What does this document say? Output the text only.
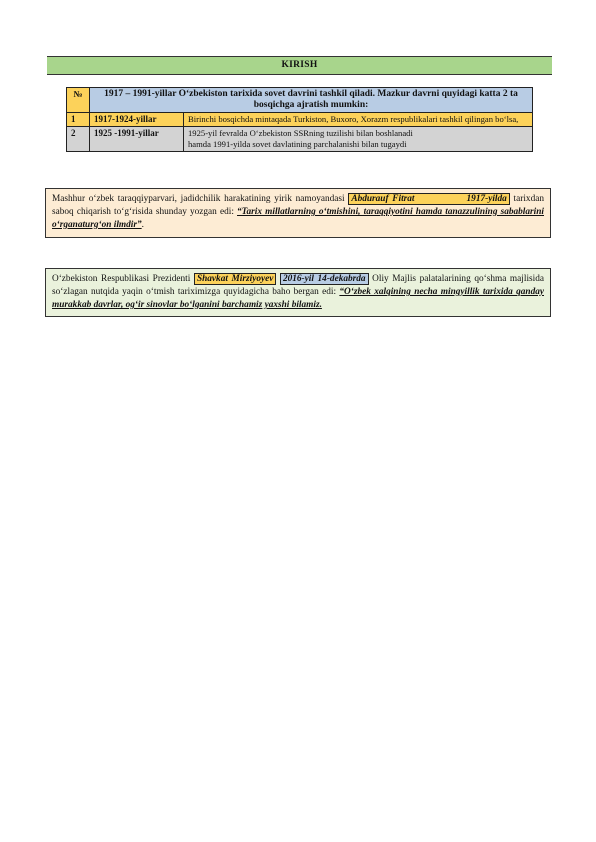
KIRISH
№	1917 – 1991-yillar O‘zbekiston tarixida sovet davrini tashkil qiladi. Mazkur davrni quyidagi katta 2 ta bosqichga ajratish mumkin:	
1	1917-1924-yillar	Birinchi bosqichda mintaqada Turkiston, Buxoro, Xorazm respublikalari tashkil qilingan bo‘lsa,
2	1925 -1991-yillar	1925-yil fevralda O‘zbekiston SSRning tuzilishi bilan boshlanadi
hamda 1991-yilda sovet davlatining parchalanishi bilan tugaydi
Mashhur o‘zbek taraqqiyparvari, jadidchilik harakatining yirik namoyandasi Abdurauf Fitrat	1917-yilda tarixdan saboq chiqarish to‘g‘risida shunday yozgan edi: “Tarix millatlarning o‘tmishini, taraqqiyotini hamda tanazzulining sabablarini o‘rganaturg‘on ilmdir”.
O‘zbekiston Respublikasi Prezidenti Shavkat Mirziyoyev 2016-yil 14-dekabrda Oliy Majlis palatalarining qo‘shma majlisida so‘zlagan nutqida yaqin o‘tmish tariximizga quyidagicha baho bergan edi: “O‘zbek xalqining necha mingyillik tarixida qanday murakkab davrlar, og‘ir sinovlar bo‘lganini barchamiz yaxshi bilamiz.
